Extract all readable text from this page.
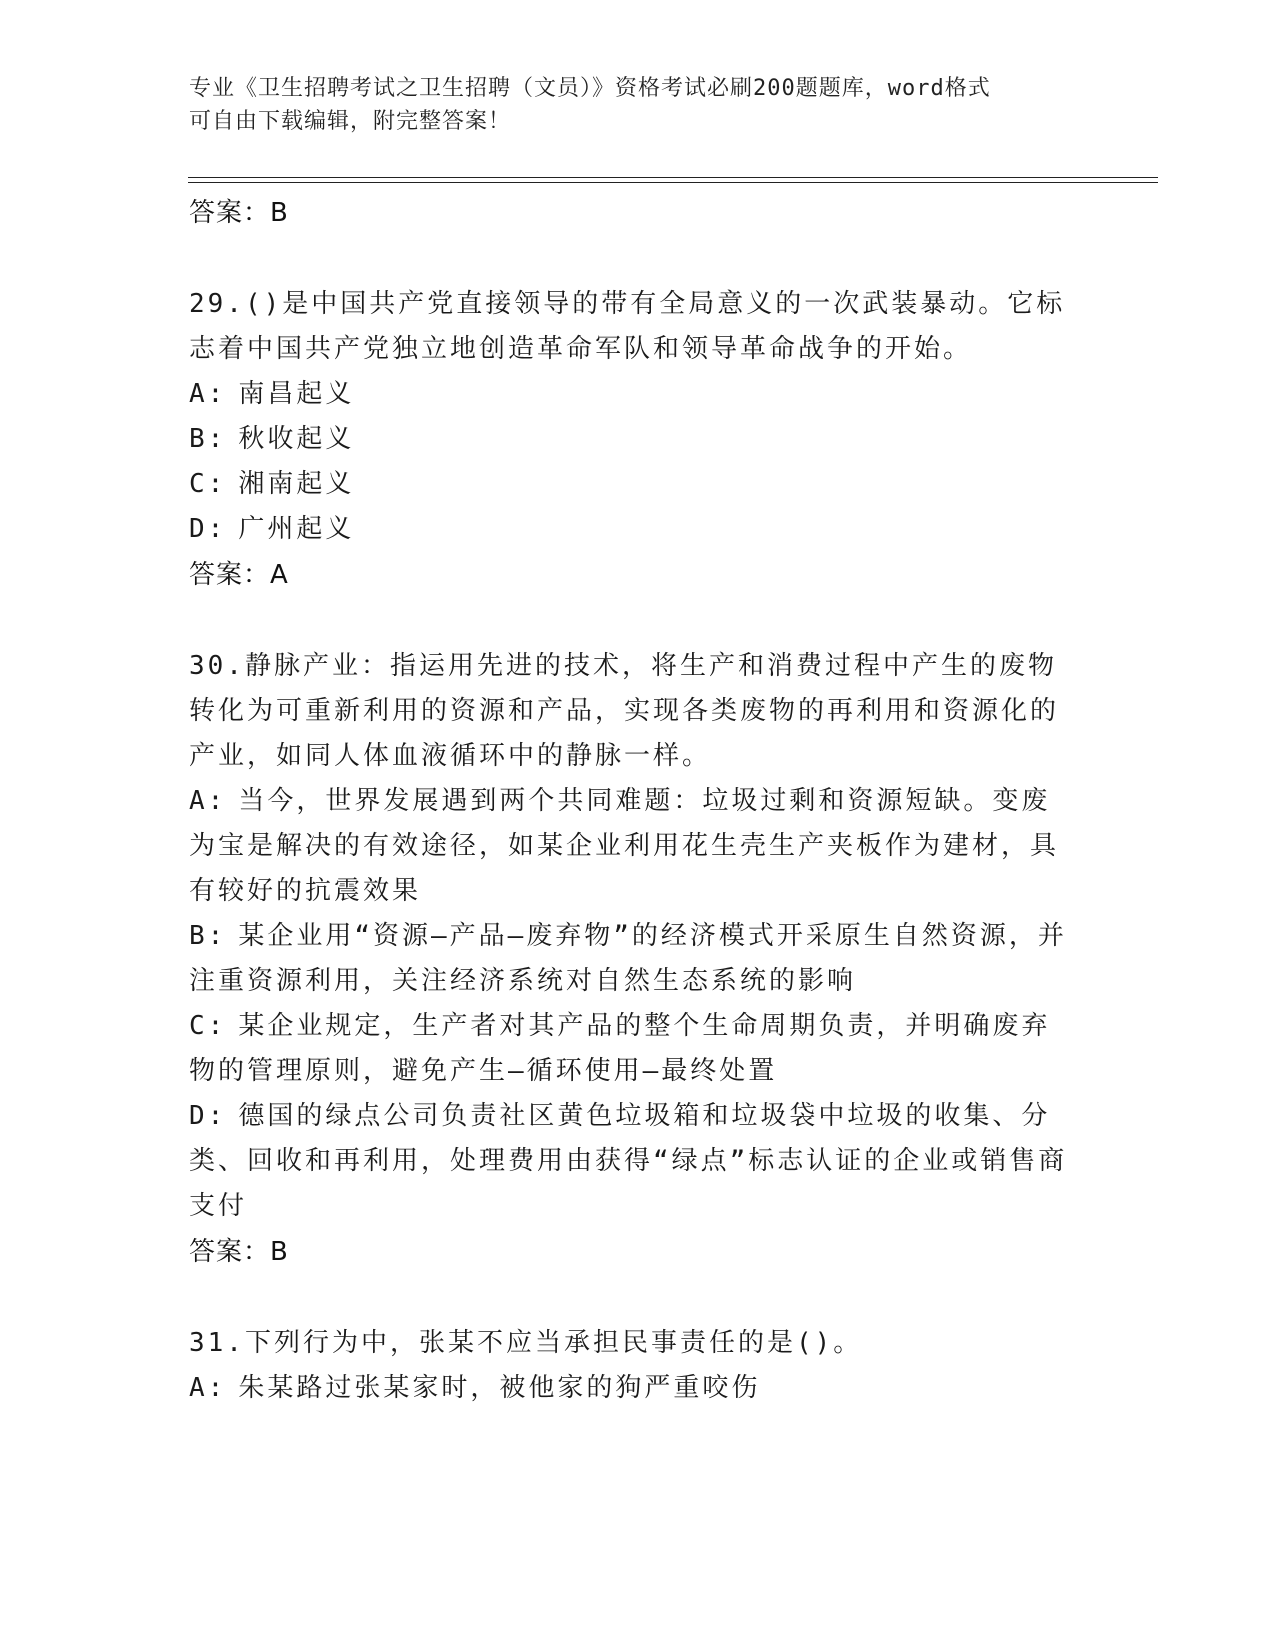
专业《卫生招聘考试之卫生招聘（文员）》资格考试必刷200题题库，word格式
可自由下载编辑，附完整答案！
答案：B
29.()是中国共产党直接领导的带有全局意义的一次武装暴动。它标志着中国共产党独立地创造革命军队和领导革命战争的开始。
A: 南昌起义
B: 秋收起义
C: 湘南起义
D: 广州起义
答案：A
30.静脉产业：指运用先进的技术，将生产和消费过程中产生的废物转化为可重新利用的资源和产品，实现各类废物的再利用和资源化的产业，如同人体血液循环中的静脉一样。
A: 当今，世界发展遇到两个共同难题：垃圾过剩和资源短缺。变废为宝是解决的有效途径，如某企业利用花生壳生产夹板作为建材，具有较好的抗震效果
B: 某企业用“资源—产品—废弃物”的经济模式开采原生自然资源，并注重资源利用，关注经济系统对自然生态系统的影响
C: 某企业规定，生产者对其产品的整个生命周期负责，并明确废弃物的管理原则，避免产生—循环使用—最终处置
D: 德国的绿点公司负责社区黄色垃圾箱和垃圾袋中垃圾的收集、分类、回收和再利用，处理费用由获得“绿点”标志认证的企业或销售商支付
答案：B
31.下列行为中，张某不应当承担民事责任的是()。
A: 朱某路过张某家时，被他家的狗严重咬伤
